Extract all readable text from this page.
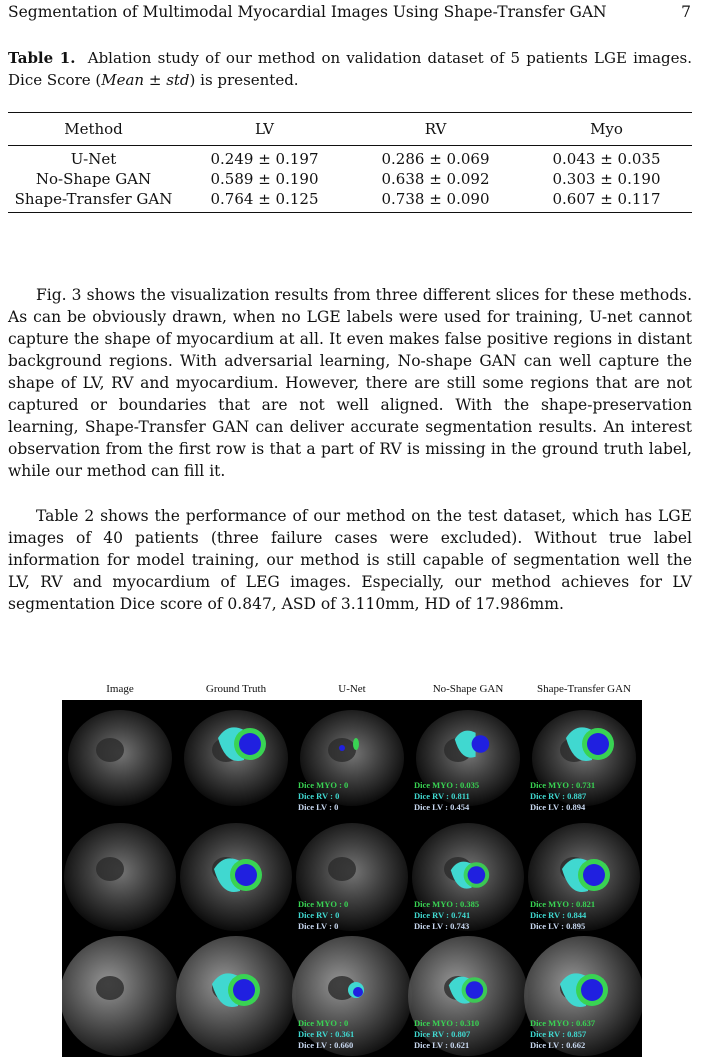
Segmentation of Multimodal Myocardial Images Using Shape-Transfer GAN	7
Table 1. Ablation study of our method on validation dataset of 5 patients LGE images. Dice Score (Mean ± std) is presented.
Method	LV	RV	Myo
U-Net	0.249 ± 0.197	0.286 ± 0.069	0.043 ± 0.035
No-Shape GAN	0.589 ± 0.190	0.638 ± 0.092	0.303 ± 0.190
Shape-Transfer GAN	0.764 ± 0.125	0.738 ± 0.090	0.607 ± 0.117

Fig. 3 shows the visualization results from three different slices for these methods. As can be obviously drawn, when no LGE labels were used for training, U-net cannot capture the shape of myocardium at all. It even makes false positive regions in distant background regions. With adversarial learning, No-shape GAN can well capture the shape of LV, RV and myocardium. However, there are still some regions that are not captured or boundaries that are not well aligned. With the shape-preservation learning, Shape-Transfer GAN can deliver accurate segmentation results. An interest observation from the first row is that a part of RV is missing in the ground truth label, while our method can fill it.

Table 2 shows the performance of our method on the test dataset, which has LGE images of 40 patients (three failure cases were excluded). Without true label information for model training, our method is still capable of segmentation well the LV, RV and myocardium of LEG images. Especially, our method achieves for LV segmentation Dice score of 0.847, ASD of 3.110mm, HD of 17.986mm.

Image	Ground Truth	U-Net	No-Shape GAN	Shape-Transfer GAN
Dice MYO : 0
Dice RV : 0
Dice LV : 0
Dice MYO : 0.035
Dice RV : 0.811
Dice LV : 0.454
Dice MYO : 0.731
Dice RV : 0.887
Dice LV : 0.894
Dice MYO : 0
Dice RV : 0
Dice LV : 0
Dice MYO : 0.385
Dice RV : 0.741
Dice LV : 0.743
Dice MYO : 0.821
Dice RV : 0.844
Dice LV : 0.895
Dice MYO : 0
Dice RV : 0.361
Dice LV : 0.660
Dice MYO : 0.310
Dice RV : 0.807
Dice LV : 0.621
Dice MYO : 0.637
Dice RV : 0.857
Dice LV : 0.662
